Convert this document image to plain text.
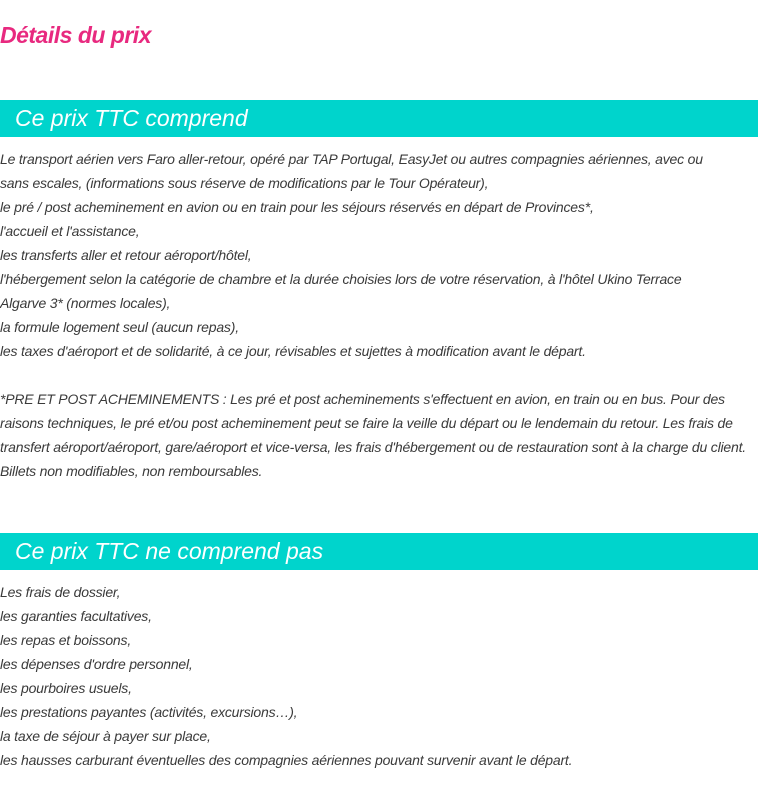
Détails du prix
Ce prix TTC comprend
Le transport aérien vers Faro aller-retour, opéré par TAP Portugal, EasyJet ou autres compagnies aériennes, avec ou
sans escales, (informations sous réserve de modifications par le Tour Opérateur),
le pré / post acheminement en avion ou en train pour les séjours réservés en départ de Provinces*,
l'accueil et l'assistance,
les transferts aller et retour aéroport/hôtel,
l'hébergement selon la catégorie de chambre et la durée choisies lors de votre réservation, à l'hôtel Ukino Terrace
Algarve 3* (normes locales),
la formule logement seul (aucun repas),
les taxes d'aéroport et de solidarité, à ce jour, révisables et sujettes à modification avant le départ.
*PRE ET POST ACHEMINEMENTS : Les pré et post acheminements s'effectuent en avion, en train ou en bus. Pour des raisons techniques, le pré et/ou post acheminement peut se faire la veille du départ ou le lendemain du retour. Les frais de transfert aéroport/aéroport, gare/aéroport et vice-versa, les frais d'hébergement ou de restauration sont à la charge du client. Billets non modifiables, non remboursables.
Ce prix TTC ne comprend pas
Les frais de dossier,
les garanties facultatives,
les repas et boissons,
les dépenses d'ordre personnel,
les pourboires usuels,
les prestations payantes (activités, excursions…),
la taxe de séjour à payer sur place,
les hausses carburant éventuelles des compagnies aériennes pouvant survenir avant le départ.
